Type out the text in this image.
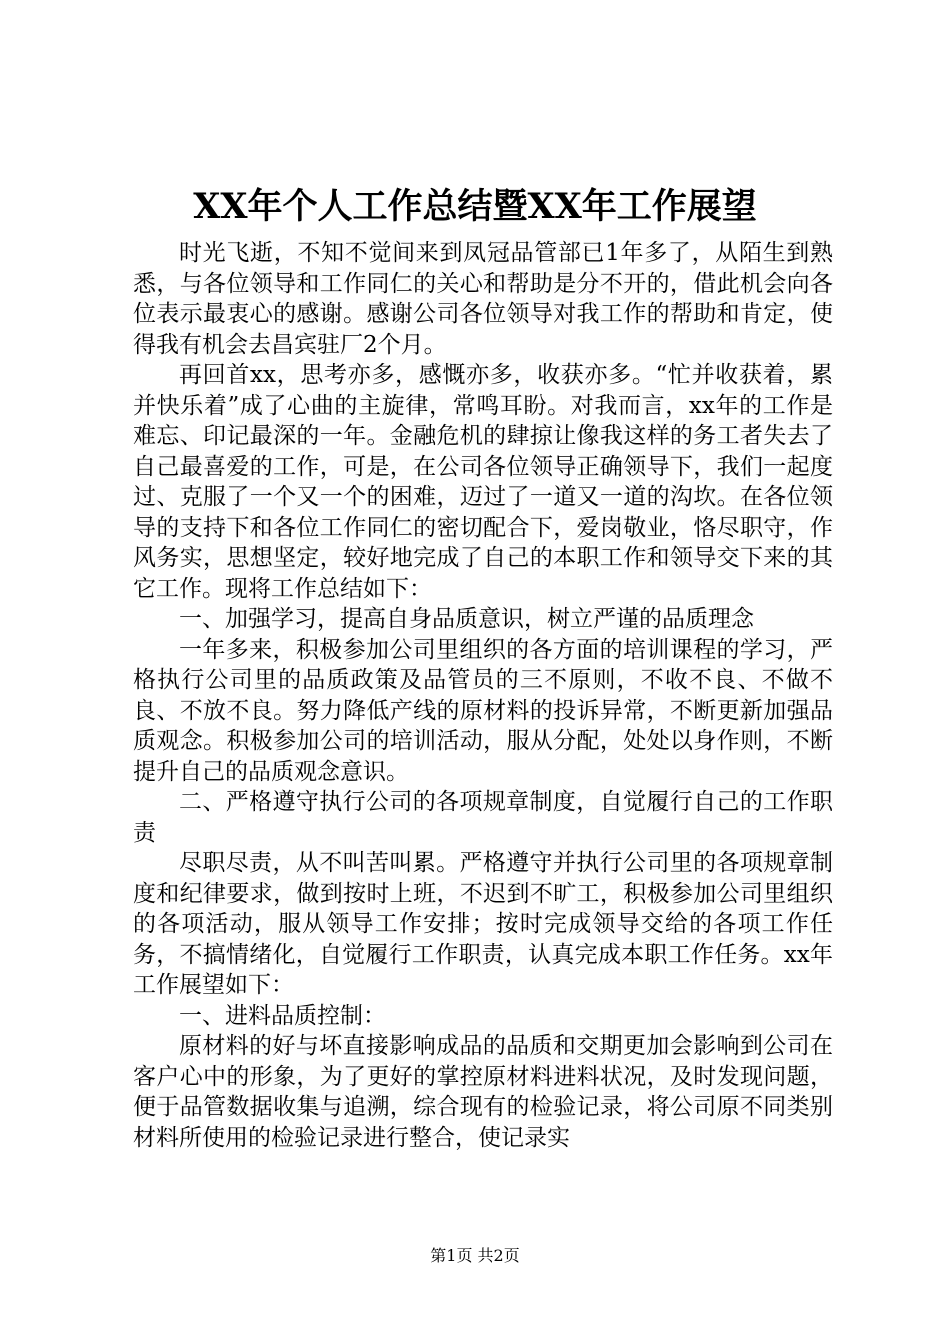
XX年个人工作总结暨XX年工作展望

时光飞逝，不知不觉间来到凤冠品管部已1年多了，从陌生到熟悉，与各位领导和工作同仁的关心和帮助是分不开的，借此机会向各位表示最衷心的感谢。感谢公司各位领导对我工作的帮助和肯定，使得我有机会去昌宾驻厂2个月。

再回首xx，思考亦多，感慨亦多，收获亦多。“忙并收获着，累并快乐着”成了心曲的主旋律，常鸣耳盼。对我而言，xx年的工作是难忘、印记最深的一年。金融危机的肆掠让像我这样的务工者失去了自己最喜爱的工作，可是，在公司各位领导正确领导下，我们一起度过、克服了一个又一个的困难，迈过了一道又一道的沟坎。在各位领导的支持下和各位工作同仁的密切配合下，爱岗敬业，恪尽职守，作风务实，思想坚定，较好地完成了自己的本职工作和领导交下来的其它工作。现将工作总结如下：

一、加强学习，提高自身品质意识，树立严谨的品质理念

一年多来，积极参加公司里组织的各方面的培训课程的学习，严格执行公司里的品质政策及品管员的三不原则，不收不良、不做不良、不放不良。努力降低产线的原材料的投诉异常，不断更新加强品质观念。积极参加公司的培训活动，服从分配，处处以身作则，不断提升自己的品质观念意识。

二、严格遵守执行公司的各项规章制度，自觉履行自己的工作职责

尽职尽责，从不叫苦叫累。严格遵守并执行公司里的各项规章制度和纪律要求，做到按时上班，不迟到不旷工，积极参加公司里组织的各项活动，服从领导工作安排；按时完成领导交给的各项工作任务，不搞情绪化，自觉履行工作职责，认真完成本职工作任务。xx年工作展望如下：

一、进料品质控制：

原材料的好与坏直接影响成品的品质和交期更加会影响到公司在客户心中的形象，为了更好的掌控原材料进料状况，及时发现问题，便于品管数据收集与追溯，综合现有的检验记录，将公司原不同类别材料所使用的检验记录进行整合，使记录实

第1页 共2页
